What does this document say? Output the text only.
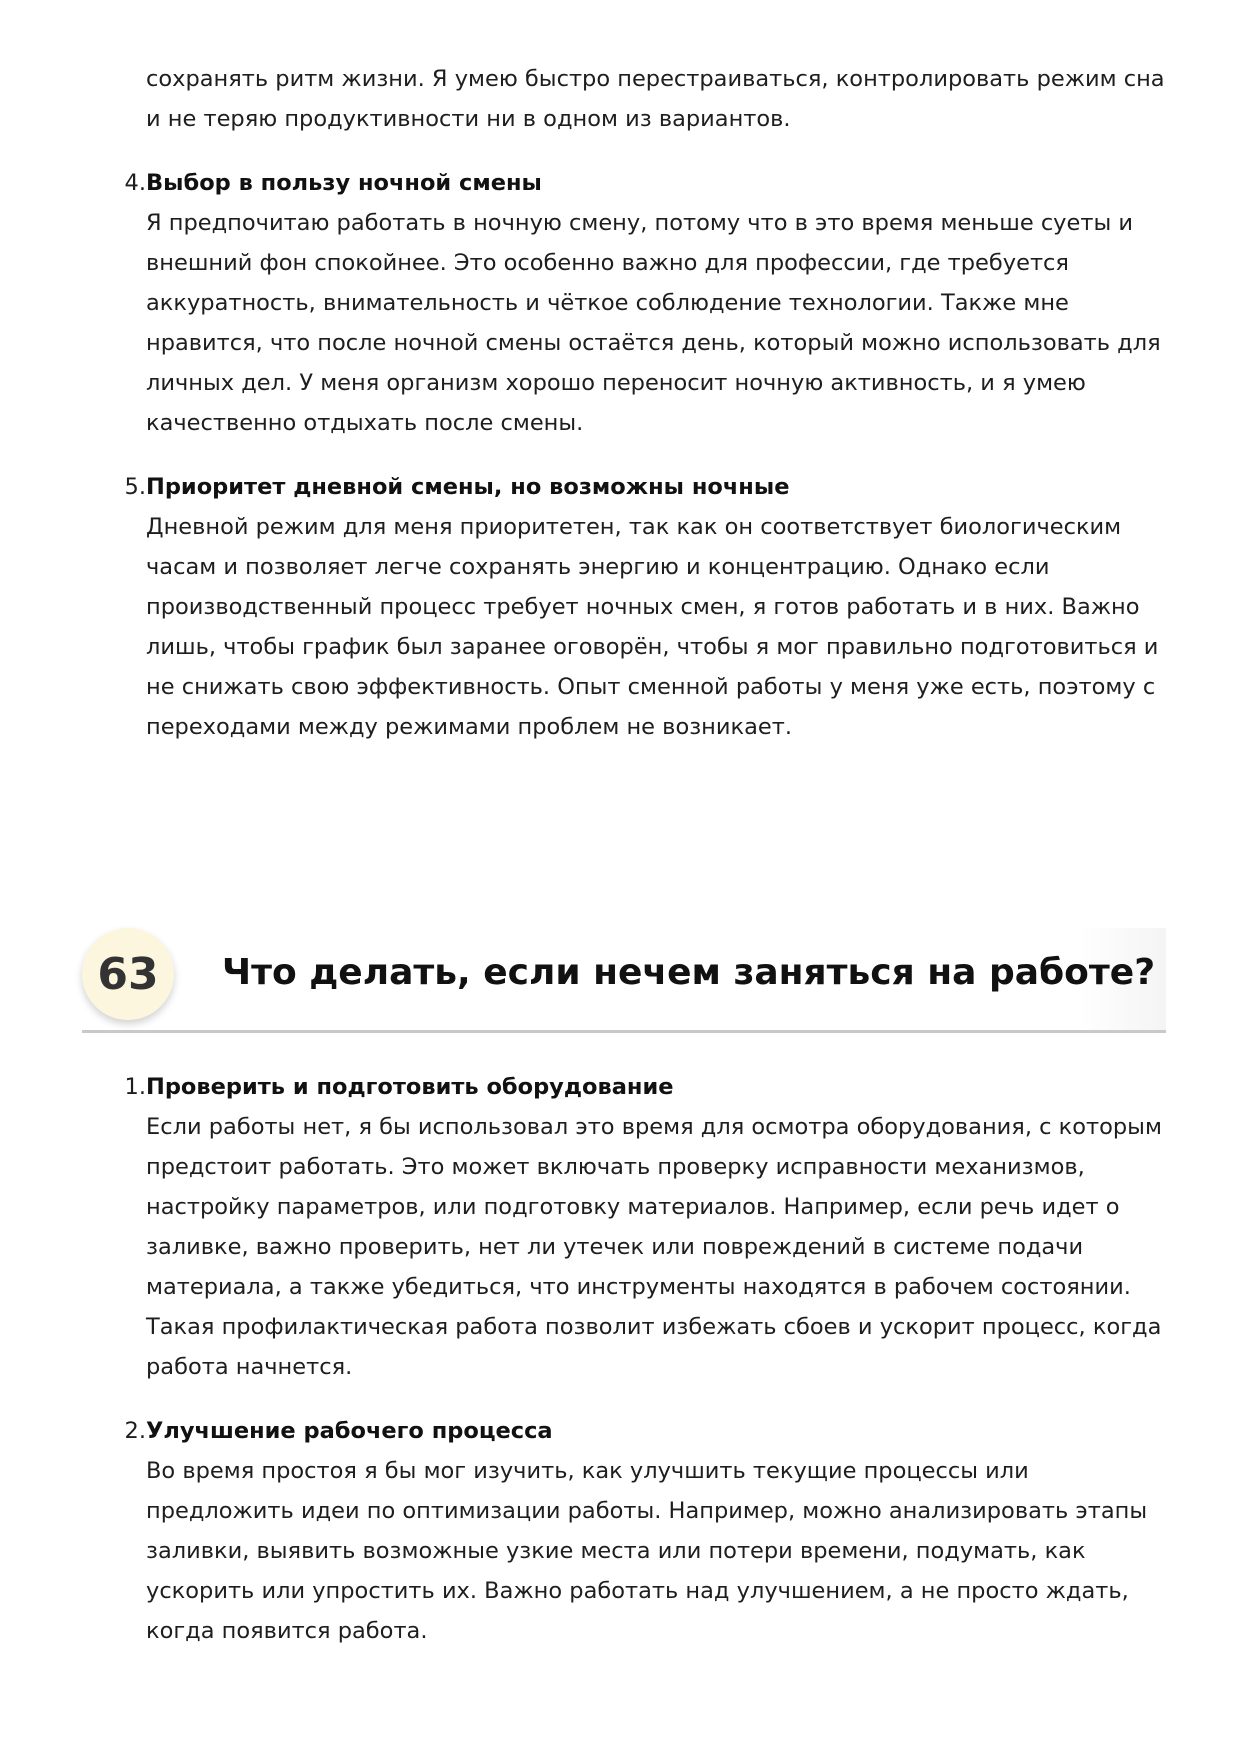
сохранять ритм жизни. Я умею быстро перестраиваться, контролировать режим сна и не теряю продуктивности ни в одном из вариантов.

4. Выбор в пользу ночной смены

Я предпочитаю работать в ночную смену, потому что в это время меньше суеты и внешний фон спокойнее. Это особенно важно для профессии, где требуется аккуратность, внимательность и чёткое соблюдение технологии. Также мне нравится, что после ночной смены остаётся день, который можно использовать для личных дел. У меня организм хорошо переносит ночную активность, и я умею качественно отдыхать после смены.

5. Приоритет дневной смены, но возможны ночные

Дневной режим для меня приоритетен, так как он соответствует биологическим часам и позволяет легче сохранять энергию и концентрацию. Однако если производственный процесс требует ночных смен, я готов работать и в них. Важно лишь, чтобы график был заранее оговорён, чтобы я мог правильно подготовиться и не снижать свою эффективность. Опыт сменной работы у меня уже есть, поэтому с переходами между режимами проблем не возникает.

63	Что делать, если нечем заняться на работе?
1. Проверить и подготовить оборудование

Если работы нет, я бы использовал это время для осмотра оборудования, с которым предстоит работать. Это может включать проверку исправности механизмов, настройку параметров, или подготовку материалов. Например, если речь идет о заливке, важно проверить, нет ли утечек или повреждений в системе подачи материала, а также убедиться, что инструменты находятся в рабочем состоянии. Такая профилактическая работа позволит избежать сбоев и ускорит процесс, когда работа начнется.

2. Улучшение рабочего процесса

Во время простоя я бы мог изучить, как улучшить текущие процессы или предложить идеи по оптимизации работы. Например, можно анализировать этапы заливки, выявить возможные узкие места или потери времени, подумать, как ускорить или упростить их. Важно работать над улучшением, а не просто ждать, когда появится работа.
